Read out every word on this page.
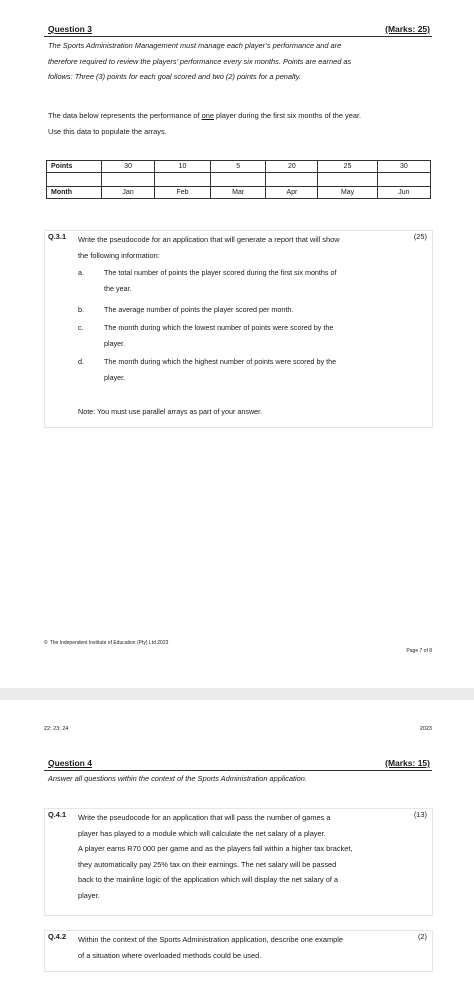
Question 3	(Marks: 25)

The Sports Administration Management must manage each player’s performance and are
therefore required to review the players’ performance every six months. Points are earned as
follows: Three (3) points for each goal scored and two (2) points for a penalty.

The data below represents the performance of one player during the first six months of the year.
Use this data to populate the arrays.

Points	30	10	5	20	25	30

Month	Jan	Feb	Mar	Apr	May	Jun
Q.3.1 Write the pseudocode for an application that will generate a report that will show
the following information:

(25)
a.	The total number of points the player scored during the first six months of
the year.
b.	The average number of points the player scored per month.
c.	The month during which the lowest number of points were scored by the
player.
d.	The month during which the highest number of points were scored by the
player.
Note: You must use parallel arrays as part of your answer.
© The Independent Institute of Education (Pty) Ltd 2023
Page 7 of 8
22; 23; 24	2023
Question 4	(Marks: 15)

Answer all questions within the context of the Sports Administration application.

Q.4.1 Write the pseudocode for an application that will pass the number of games a
player has played to a module which will calculate the net salary of a player.
A player earns R70 000 per game and as the players fall within a higher tax bracket,
they automatically pay 25% tax on their earnings. The net salary will be passed
back to the mainline logic of the application which will display the net salary of a
player.

(13)
Q.4.2 Within the context of the Sports Administration application, describe one example
of a situation where overloaded methods could be used.

(2)
